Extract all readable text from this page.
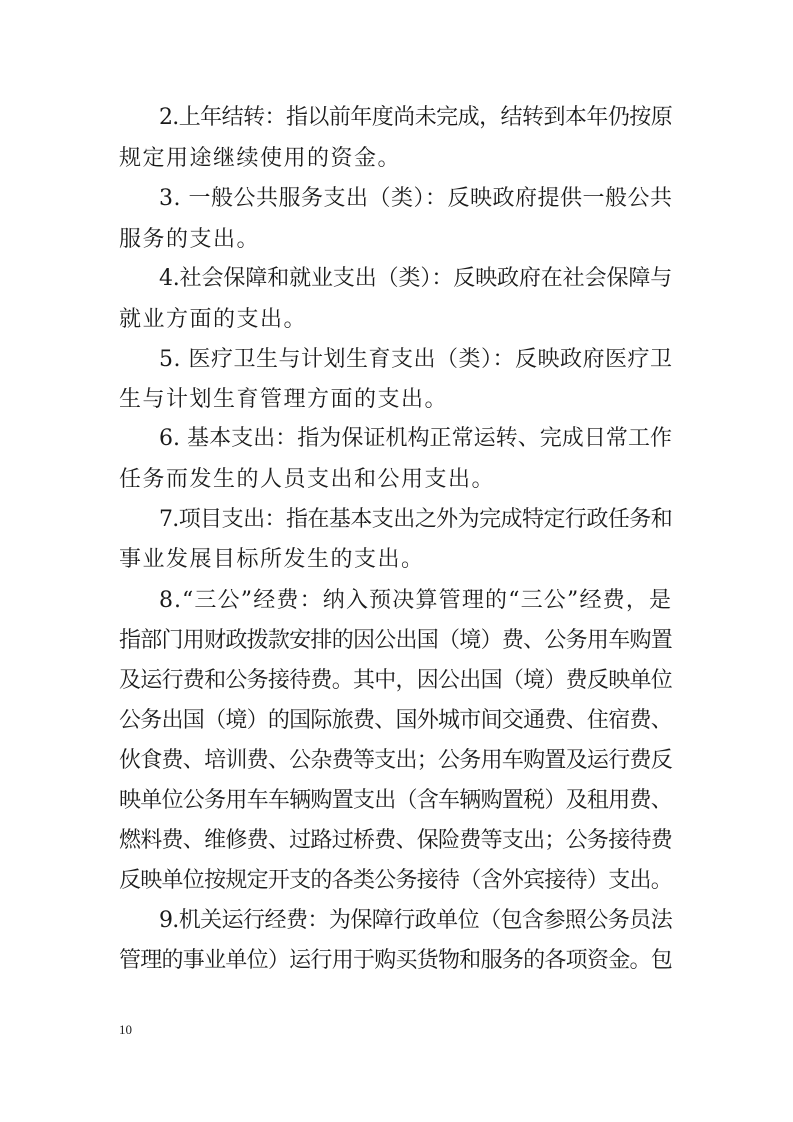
2.上年结转：指以前年度尚未完成，结转到本年仍按原
规定用途继续使用的资金。
3. 一般公共服务支出（类）：反映政府提供一般公共
服务的支出。
4.社会保障和就业支出（类）：反映政府在社会保障与
就业方面的支出。
5. 医疗卫生与计划生育支出（类）：反映政府医疗卫
生与计划生育管理方面的支出。
6. 基本支出：指为保证机构正常运转、完成日常工作
任务而发生的人员支出和公用支出。
7.项目支出：指在基本支出之外为完成特定行政任务和
事业发展目标所发生的支出。
8.“三公”经费：纳入预决算管理的“三公”经费，是
指部门用财政拨款安排的因公出国（境）费、公务用车购置
及运行费和公务接待费。其中，因公出国（境）费反映单位
公务出国（境）的国际旅费、国外城市间交通费、住宿费、
伙食费、培训费、公杂费等支出；公务用车购置及运行费反
映单位公务用车车辆购置支出（含车辆购置税）及租用费、
燃料费、维修费、过路过桥费、保险费等支出；公务接待费
反映单位按规定开支的各类公务接待（含外宾接待）支出。
9.机关运行经费：为保障行政单位（包含参照公务员法
管理的事业单位）运行用于购买货物和服务的各项资金。包
10
